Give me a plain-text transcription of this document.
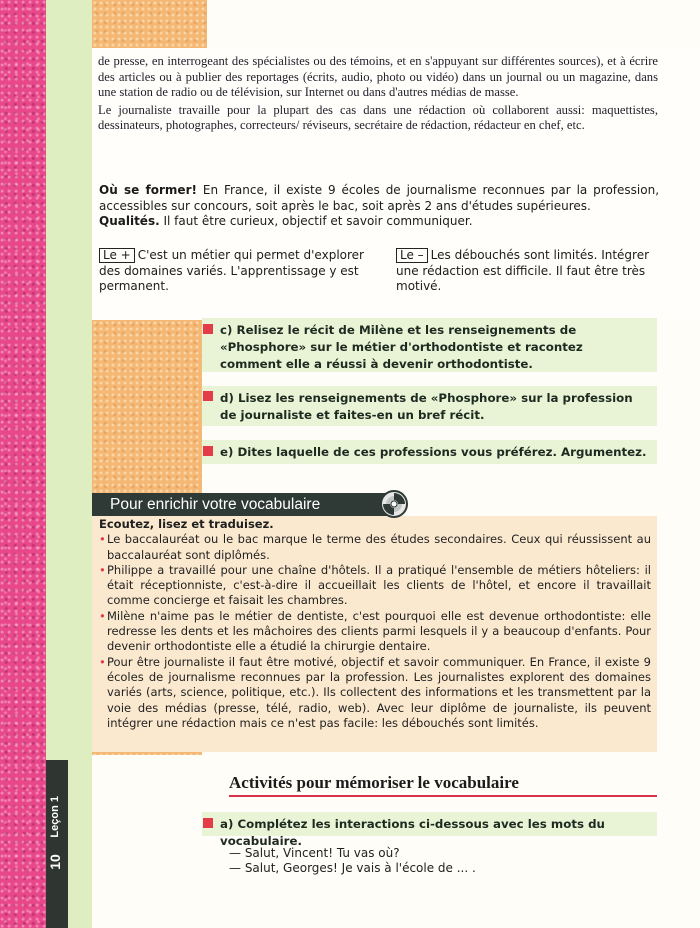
Leçon 1
10

de presse, en interrogeant des spécialistes ou des témoins, et en s'appuyant sur différentes sources), et à écrire des articles ou à publier des reportages (écrits, audio, photo ou vidéo) dans un journal ou un magazine, dans une station de radio ou de télévision, sur Internet ou dans d'autres médias de masse.

Le journaliste travaille pour la plupart des cas dans une rédaction où collaborent aussi: maquettistes, dessinateurs, photographes, correcteurs/ réviseurs, secrétaire de rédaction, rédacteur en chef, etc.

Où se former! En France, il existe 9 écoles de journalisme reconnues par la profession, accessibles sur concours, soit après le bac, soit après 2 ans d'études supérieures.

Qualités. Il faut être curieux, objectif et savoir communiquer.

Le + C'est un métier qui permet d'explorer des domaines variés. L'apprentissage y est permanent.
Le – Les débouchés sont limités. Intégrer une rédaction est difficile. Il faut être très motivé.
c) Relisez le récit de Milène et les renseignements de «Phosphore» sur le métier d'orthodontiste et racontez comment elle a réussi à devenir orthodontiste.
d) Lisez les renseignements de «Phosphore» sur la profession de journaliste et faites-en un bref récit.
e) Dites laquelle de ces professions vous préférez. Argumentez.
Pour enrichir votre vocabulaire

Ecoutez, lisez et traduisez.

• Le baccalauréat ou le bac marque le terme des études secondaires. Ceux qui réussissent au baccalauréat sont diplômés.
• Philippe a travaillé pour une chaîne d'hôtels. Il a pratiqué l'ensemble de métiers hôteliers: il était réceptionniste, c'est-à-dire il accueillait les clients de l'hôtel, et encore il travaillait comme concierge et faisait les chambres.
• Milène n'aime pas le métier de dentiste, c'est pourquoi elle est devenue orthodontiste: elle redresse les dents et les mâchoires des clients parmi lesquels il y a beaucoup d'enfants. Pour devenir orthodontiste elle a étudié la chirurgie dentaire.
• Pour être journaliste il faut être motivé, objectif et savoir communiquer. En France, il existe 9 écoles de journalisme reconnues par la profession. Les journalistes explorent des domaines variés (arts, science, politique, etc.). Ils collectent des informations et les transmettent par la voie des médias (presse, télé, radio, web). Avec leur diplôme de journaliste, ils peuvent intégrer une rédaction mais ce n'est pas facile: les débouchés sont limités.
Activités pour mémoriser le vocabulaire
a) Complétez les interactions ci-dessous avec les mots du vocabulaire.
— Salut, Vincent! Tu vas où?
— Salut, Georges! Je vais à l'école de ... .
